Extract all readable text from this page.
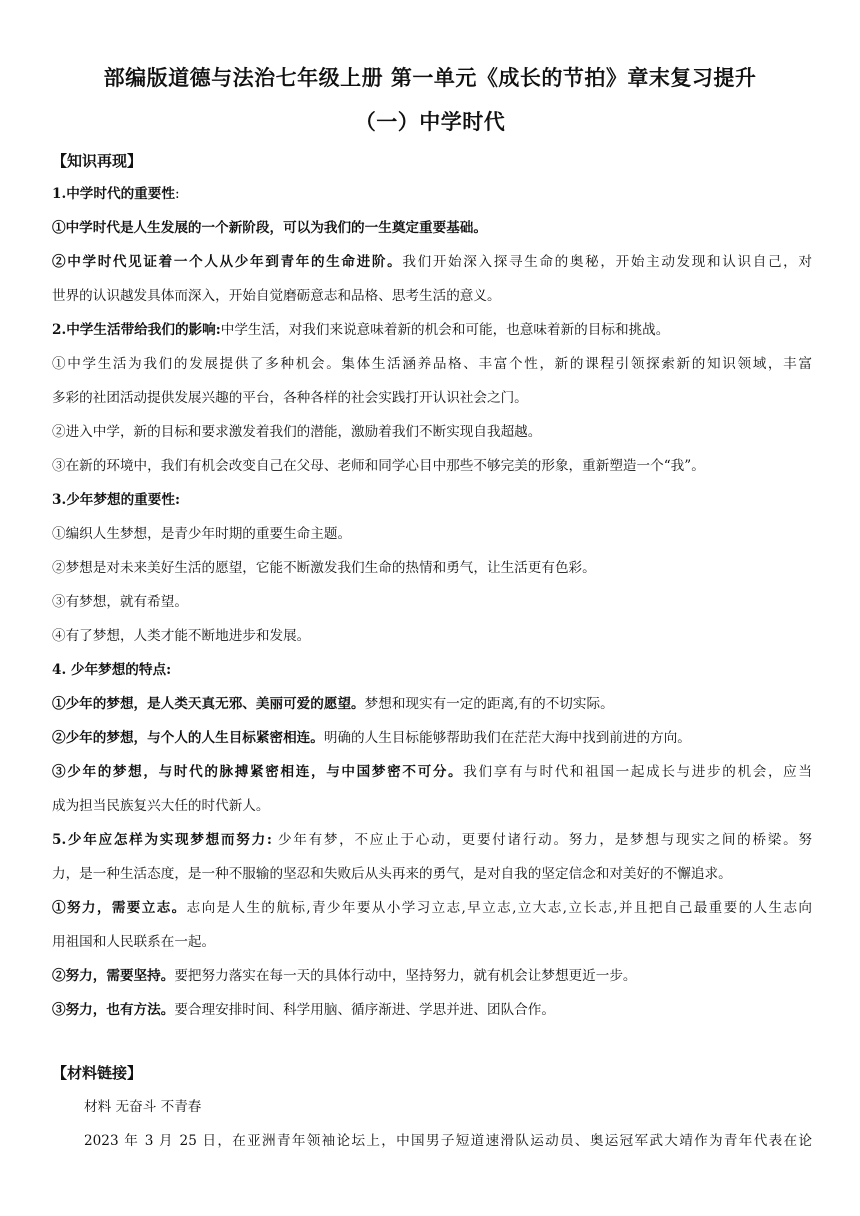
部编版道德与法治七年级上册 第一单元《成长的节拍》章末复习提升
（一）中学时代
【知识再现】
1.中学时代的重要性:
①中学时代是人生发展的一个新阶段，可以为我们的一生奠定重要基础。
②中学时代见证着一个人从少年到青年的生命进阶。我们开始深入探寻生命的奥秘，开始主动发现和认识自己，对
世界的认识越发具体而深入，开始自觉磨砺意志和品格、思考生活的意义。
2.中学生活带给我们的影响:中学生活，对我们来说意味着新的机会和可能，也意味着新的目标和挑战。
①中学生活为我们的发展提供了多种机会。集体生活涵养品格、丰富个性，新的课程引领探索新的知识领域，丰富
多彩的社团活动提供发展兴趣的平台，各种各样的社会实践打开认识社会之门。
②进入中学，新的目标和要求激发着我们的潜能，激励着我们不断实现自我超越。
③在新的环境中，我们有机会改变自己在父母、老师和同学心目中那些不够完美的形象，重新塑造一个“我”。
3.少年梦想的重要性:
①编织人生梦想，是青少年时期的重要生命主题。
②梦想是对未来美好生活的愿望，它能不断激发我们生命的热情和勇气，让生活更有色彩。
③有梦想，就有希望。
④有了梦想，人类才能不断地进步和发展。
4. 少年梦想的特点:
①少年的梦想，是人类天真无邪、美丽可爱的愿望。梦想和现实有一定的距离,有的不切实际。
②少年的梦想，与个人的人生目标紧密相连。明确的人生目标能够帮助我们在茫茫大海中找到前进的方向。
③少年的梦想，与时代的脉搏紧密相连，与中国梦密不可分。我们享有与时代和祖国一起成长与进步的机会，应当
成为担当民族复兴大任的时代新人。
5.少年应怎样为实现梦想而努力: 少年有梦，不应止于心动，更要付诸行动。努力，是梦想与现实之间的桥梁。努
力，是一种生活态度，是一种不服输的坚忍和失败后从头再来的勇气，是对自我的坚定信念和对美好的不懈追求。
①努力，需要立志。志向是人生的航标,青少年要从小学习立志,早立志,立大志,立长志,并且把自己最重要的人生志向
用祖国和人民联系在一起。
②努力，需要坚持。要把努力落实在每一天的具体行动中，坚持努力，就有机会让梦想更近一步。
③努力，也有方法。要合理安排时间、科学用脑、循序渐进、学思并进、团队合作。
【材料链接】
材料 无奋斗 不青春
2023 年 3 月 25 日，在亚洲青年领袖论坛上，中国男子短道速滑队运动员、奥运冠军武大靖作为青年代表在论
